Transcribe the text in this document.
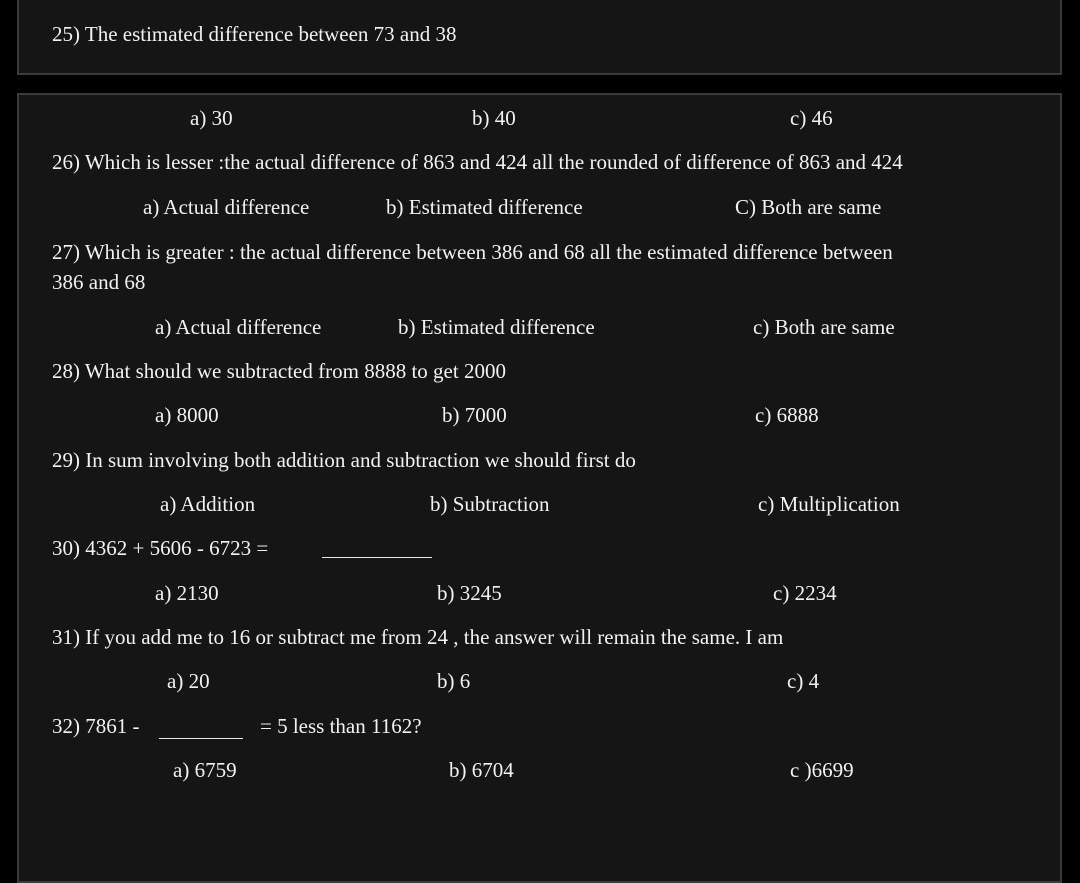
25) The estimated difference between 73 and 38
a) 30	b) 40	c) 46
26) Which is lesser :the actual difference of 863 and 424 all the rounded of difference of 863 and 424
a) Actual difference	b) Estimated difference	C) Both are same
27) Which is greater : the actual difference between 386 and 68 all the estimated difference between
386 and 68
a) Actual difference	b) Estimated difference	c) Both are same
28) What should we subtracted from 8888 to get 2000
a) 8000	b) 7000	c) 6888
29) In sum involving both addition and subtraction we should first do
a) Addition	b) Subtraction	c) Multiplication
30) 4362 + 5606 - 6723 =
a) 2130	b) 3245	c) 2234
31) If you add me to 16 or subtract me from 24 , the answer will remain the same. I am
a) 20	b) 6	c) 4
32) 7861 -	= 5 less than 1162?
a) 6759	b) 6704	c )6699
